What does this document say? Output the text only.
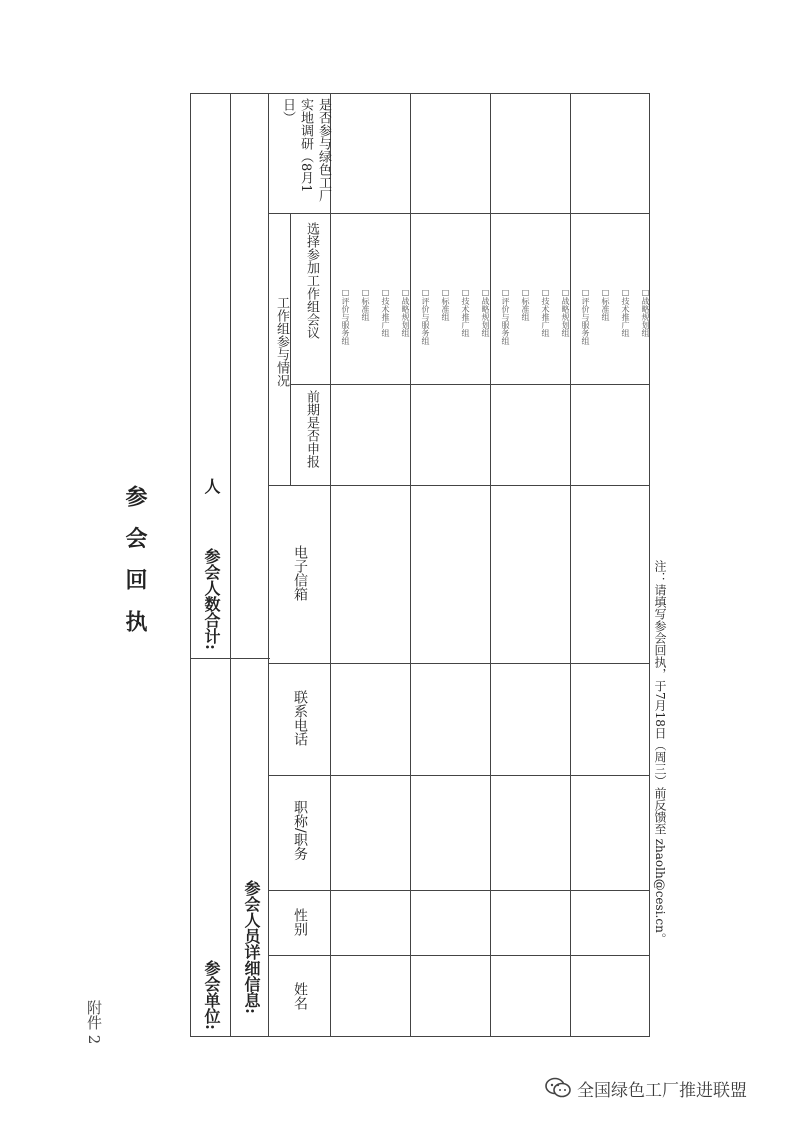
附件 2
参 会 回 执
参会单位:
参会人数合计:
人
参会人员详细信息: 姓名
性别
职称/职务
联系电话
电子信箱
工作组参与情况
前期是否申报
选择参加工作组会议
是否参与绿色工厂实地调研（8月1日）
□战略规划组
□技术推广组
□标准组
□评价与服务组	□战略规划组
□技术推广组
□标准组
□评价与服务组	□战略规划组
□技术推广组
□标准组
□评价与服务组	□战略规划组
□技术推广组
□标准组
□评价与服务组
注：请填写参会回执，于7月18日（周三）前反馈至 zhaolh@cesi.cn。
全国绿色工厂推进联盟
